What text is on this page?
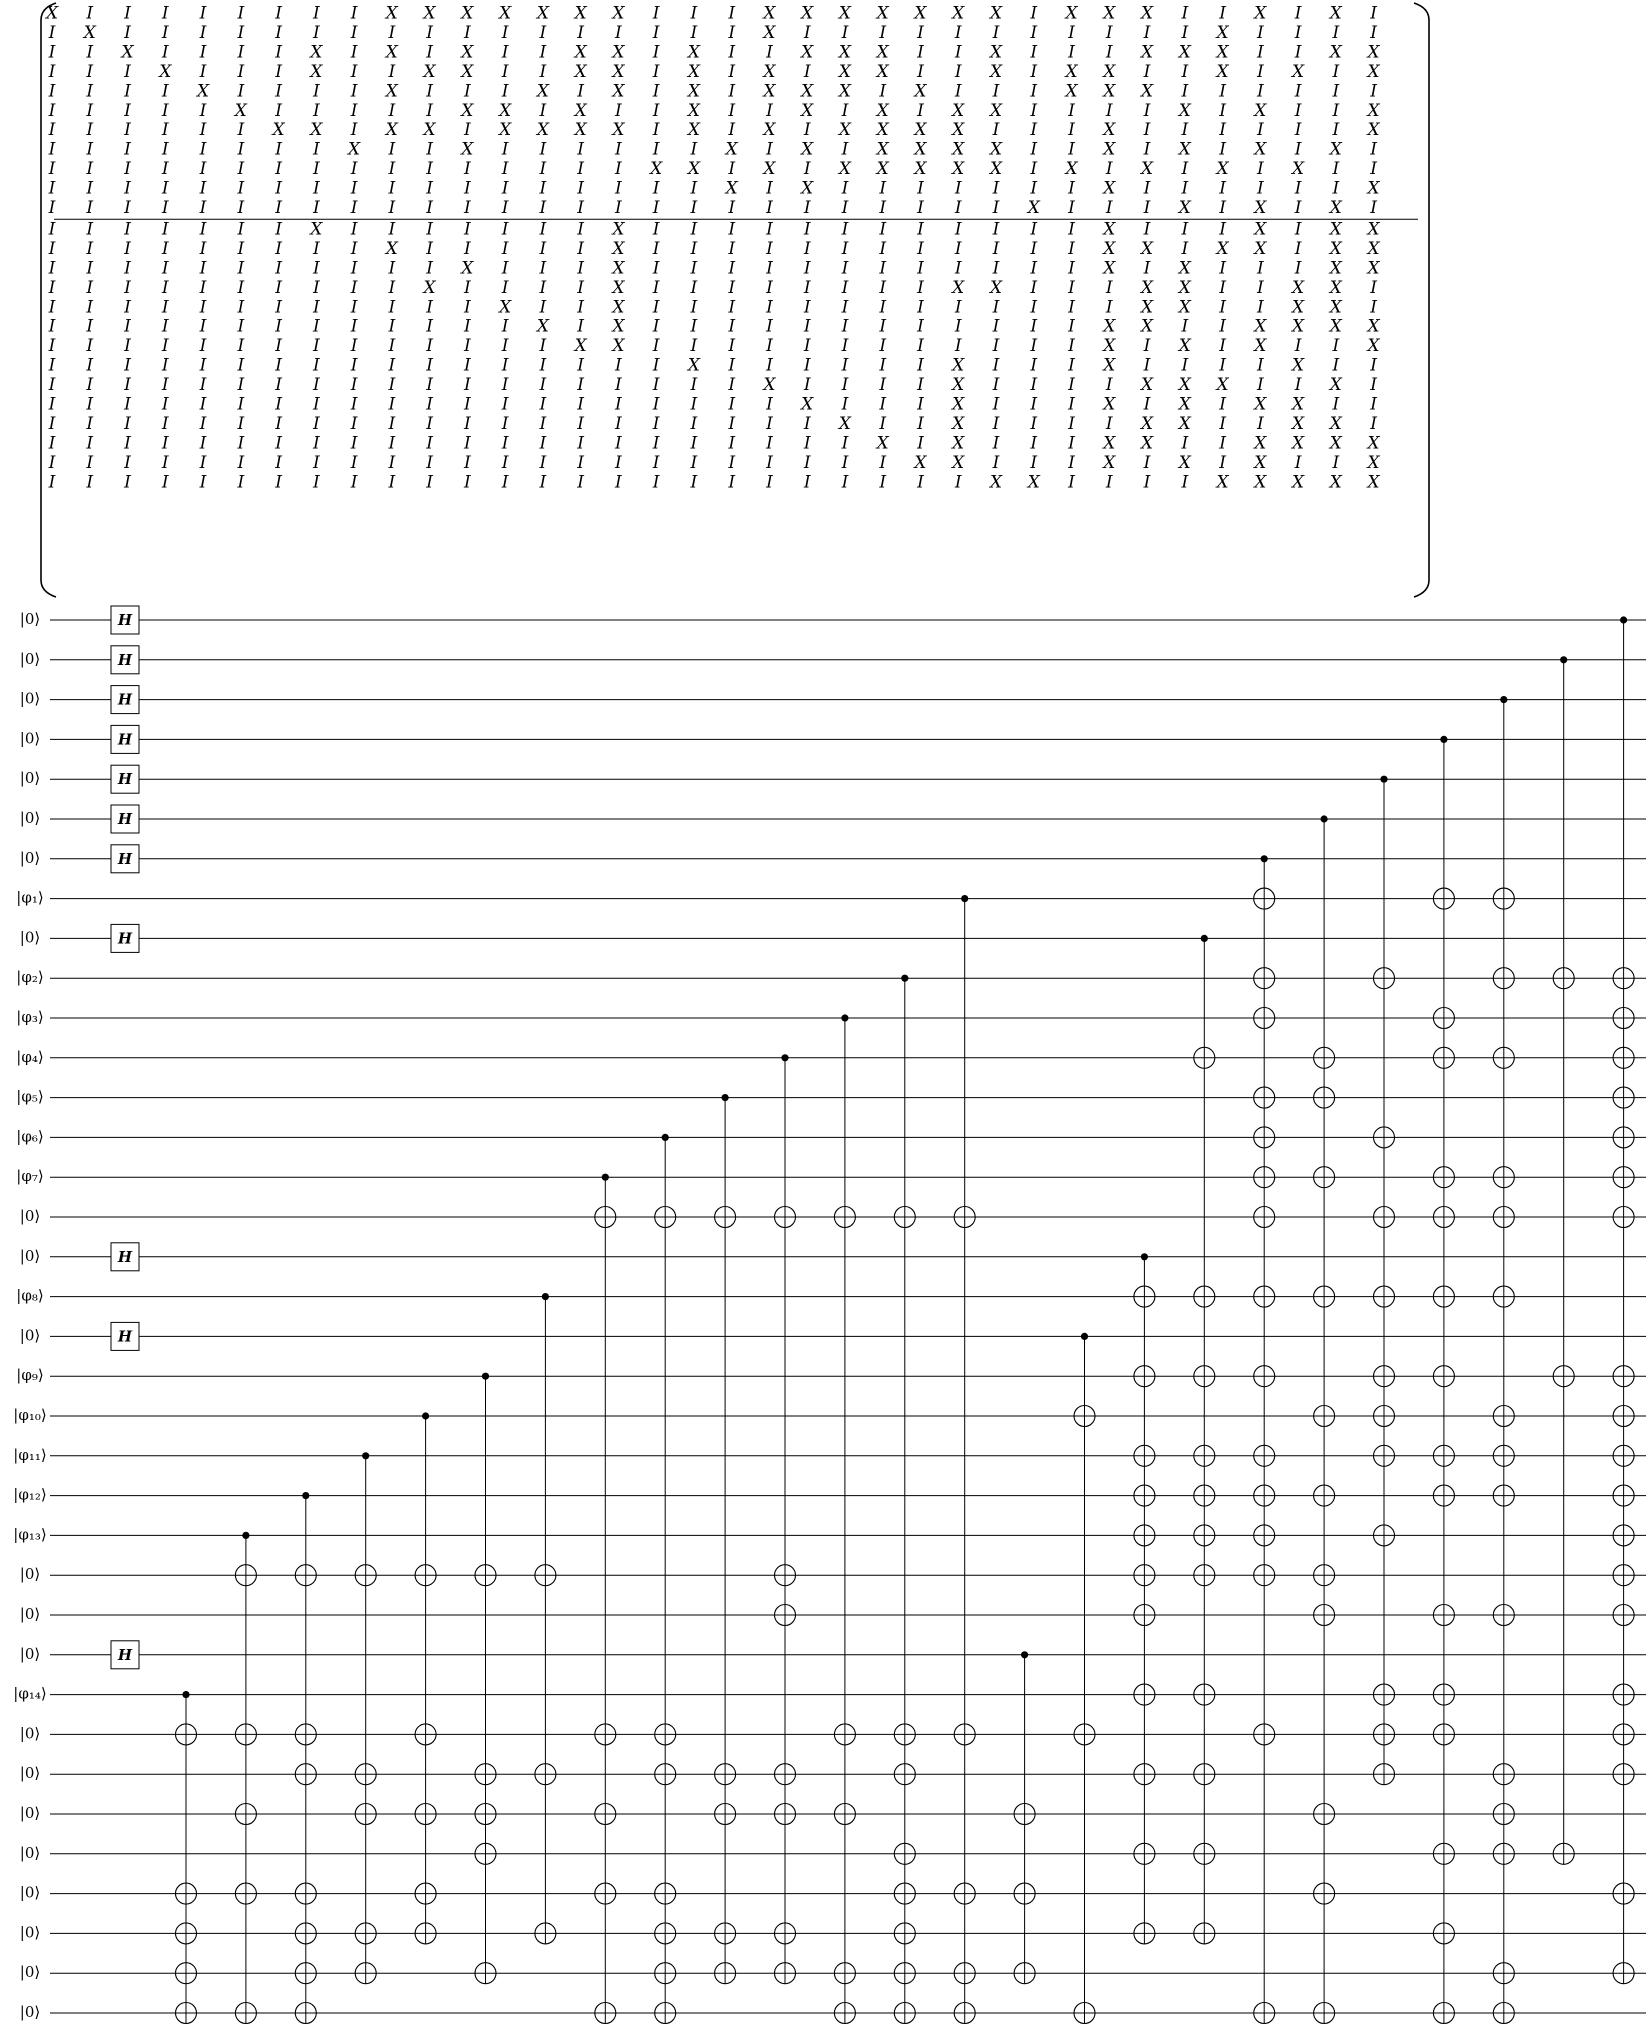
X I I I I I I I I X X X X X X X I I I X X X X X X X I X X X I I X I X I
I X I I I I I I I I I I I I I I I I I X I I I I I I I I I I I X I I I I
I I X I I I I X I X I X I I X X I X I I X X X I I X I I I X X X I I X X
I I I X I I I X I I X X I I X X I X I X I X X I I X I X X I I X I X I X
I I I I X I I I I X I I I X I X I X I X X X I X I I I X X X I I I I I I
I I I I I X I I I I I X X I X I I X I I X I X I X X I I I I X I X I I X
I I I I I I X X I X X I X X X X I X I X I X X X X I I I X I I I I I I X
I I I I I I I I X I I X I I I I I I X I X I X X X X I I X I X I X I X I
I I I I I I I I I I I I I I I I X X I X I X X X X X I X I X I X I X I I
I I I I I I I I I I I I I I I I I I X I X I I I I I I I X I I I I I I X
I I I I I I I I I I I I I I I I I I I I I I I I I I X I I I X I X I X I
I I I I I I I X I I I I I I I X I I I I I I I I I I I I X I I I X I X X
I I I I I I I I I X I I I I I X I I I I I I I I I I I I X X I X X I X X
I I I I I I I I I I I X I I I X I I I I I I I I I I I I X I X I I I X X
I I I I I I I I I I X I I I I X I I I I I I I I X X I I I X X I I X X I
I I I I I I I I I I I I X I I X I I I I I I I I I I I I I X X I I X X I
I I I I I I I I I I I I I X I X I I I I I I I I I I I I X X I I X X X X
I I I I I I I I I I I I I I X X I I I I I I I I I I I I X I X I X I I X
I I I I I I I I I I I I I I I I I X I I I I I I X I I I X I I I I X I I
I I I I I I I I I I I I I I I I I I I X I I I I X I I I I X X X I I X I
I I I I I I I I I I I I I I I I I I I I X I I I X I I I X I X I X X I I
I I I I I I I I I I I I I I I I I I I I I X I I X I I I I X X I I X X I
I I I I I I I I I I I I I I I I I I I I I I X I X I I I X X I I X X X X
I I I I I I I I I I I I I I I I I I I I I I I X X I I I X I X I X I I X
I I I I I I I I I I I I I I I I I I I I I I I I I X X I I I I X X X X X
|0⟩
|0⟩
|0⟩
|0⟩
|0⟩
|0⟩
|0⟩
|φ₁⟩
|0⟩
|φ₂⟩
|φ₃⟩
|φ₄⟩
|φ₅⟩
|φ₆⟩
|φ₇⟩
|0⟩
|0⟩
|φ₈⟩
|0⟩
|φ₉⟩
|φ₁₀⟩
|φ₁₁⟩
|φ₁₂⟩
|φ₁₃⟩
|0⟩
|0⟩
|0⟩
|φ₁₄⟩
|0⟩
|0⟩
|0⟩
|0⟩
|0⟩
|0⟩
|0⟩
|0⟩
H
H
H
H
H
H
H
H
H
H
H
